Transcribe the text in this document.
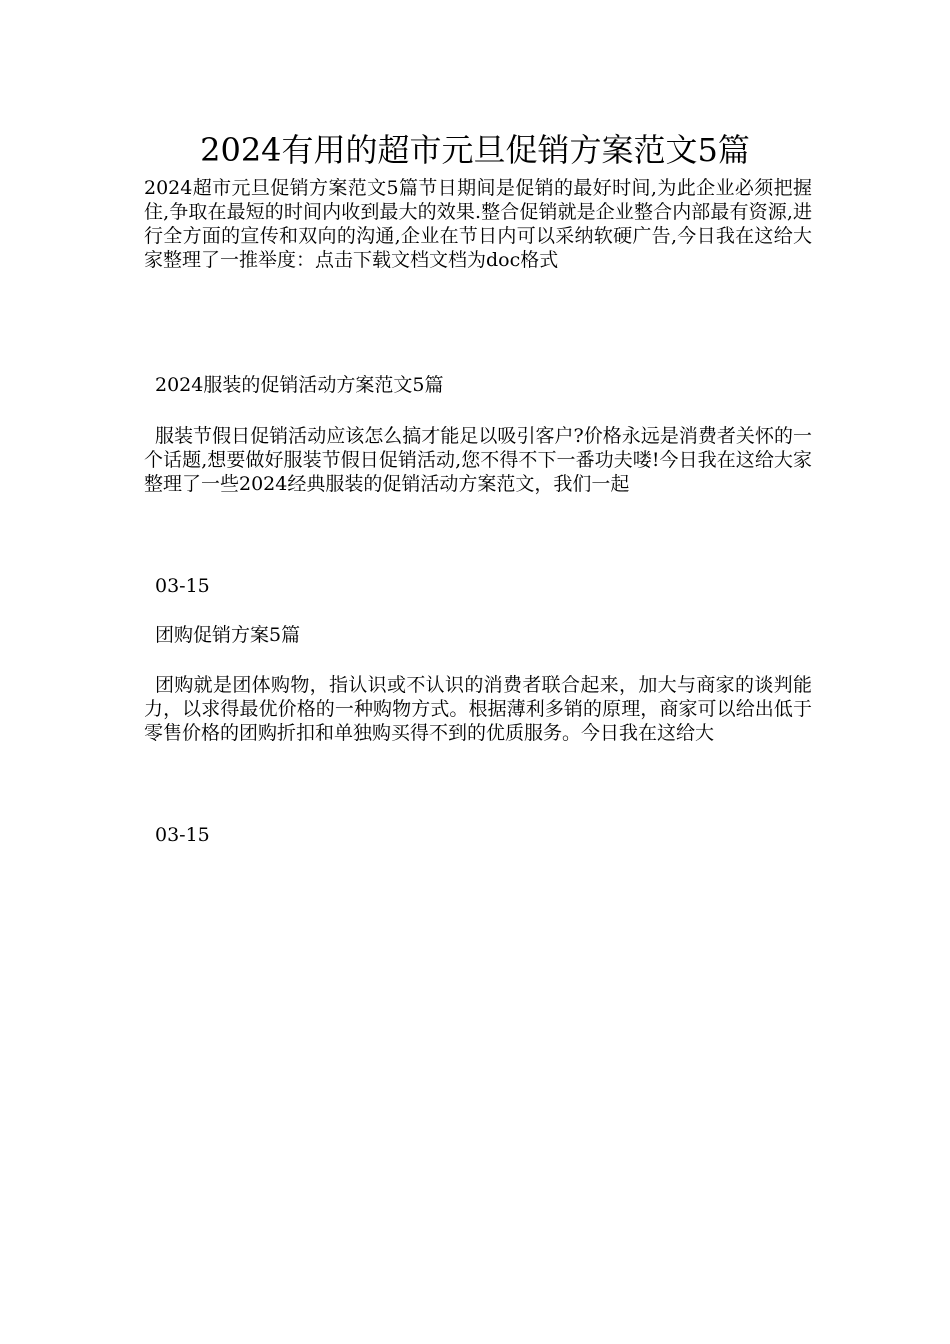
2024有用的超市元旦促销方案范文5篇

2024超市元旦促销方案范文5篇节日期间是促销的最好时间,为此企业必须把握住,争取在最短的时间内收到最大的效果.整合促销就是企业整合内部最有资源,进行全方面的宣传和双向的沟通,企业在节日内可以采纳软硬广告,今日我在这给大家整理了一推举度：点击下载文档文档为doc格式

2024服装的促销活动方案范文5篇

服装节假日促销活动应该怎么搞才能足以吸引客户?价格永远是消费者关怀的一个话题,想要做好服装节假日促销活动,您不得不下一番功夫喽!今日我在这给大家整理了一些2024经典服装的促销活动方案范文，我们一起

03-15

团购促销方案5篇

团购就是团体购物，指认识或不认识的消费者联合起来，加大与商家的谈判能力，以求得最优价格的一种购物方式。根据薄利多销的原理，商家可以给出低于零售价格的团购折扣和单独购买得不到的优质服务。今日我在这给大

03-15
